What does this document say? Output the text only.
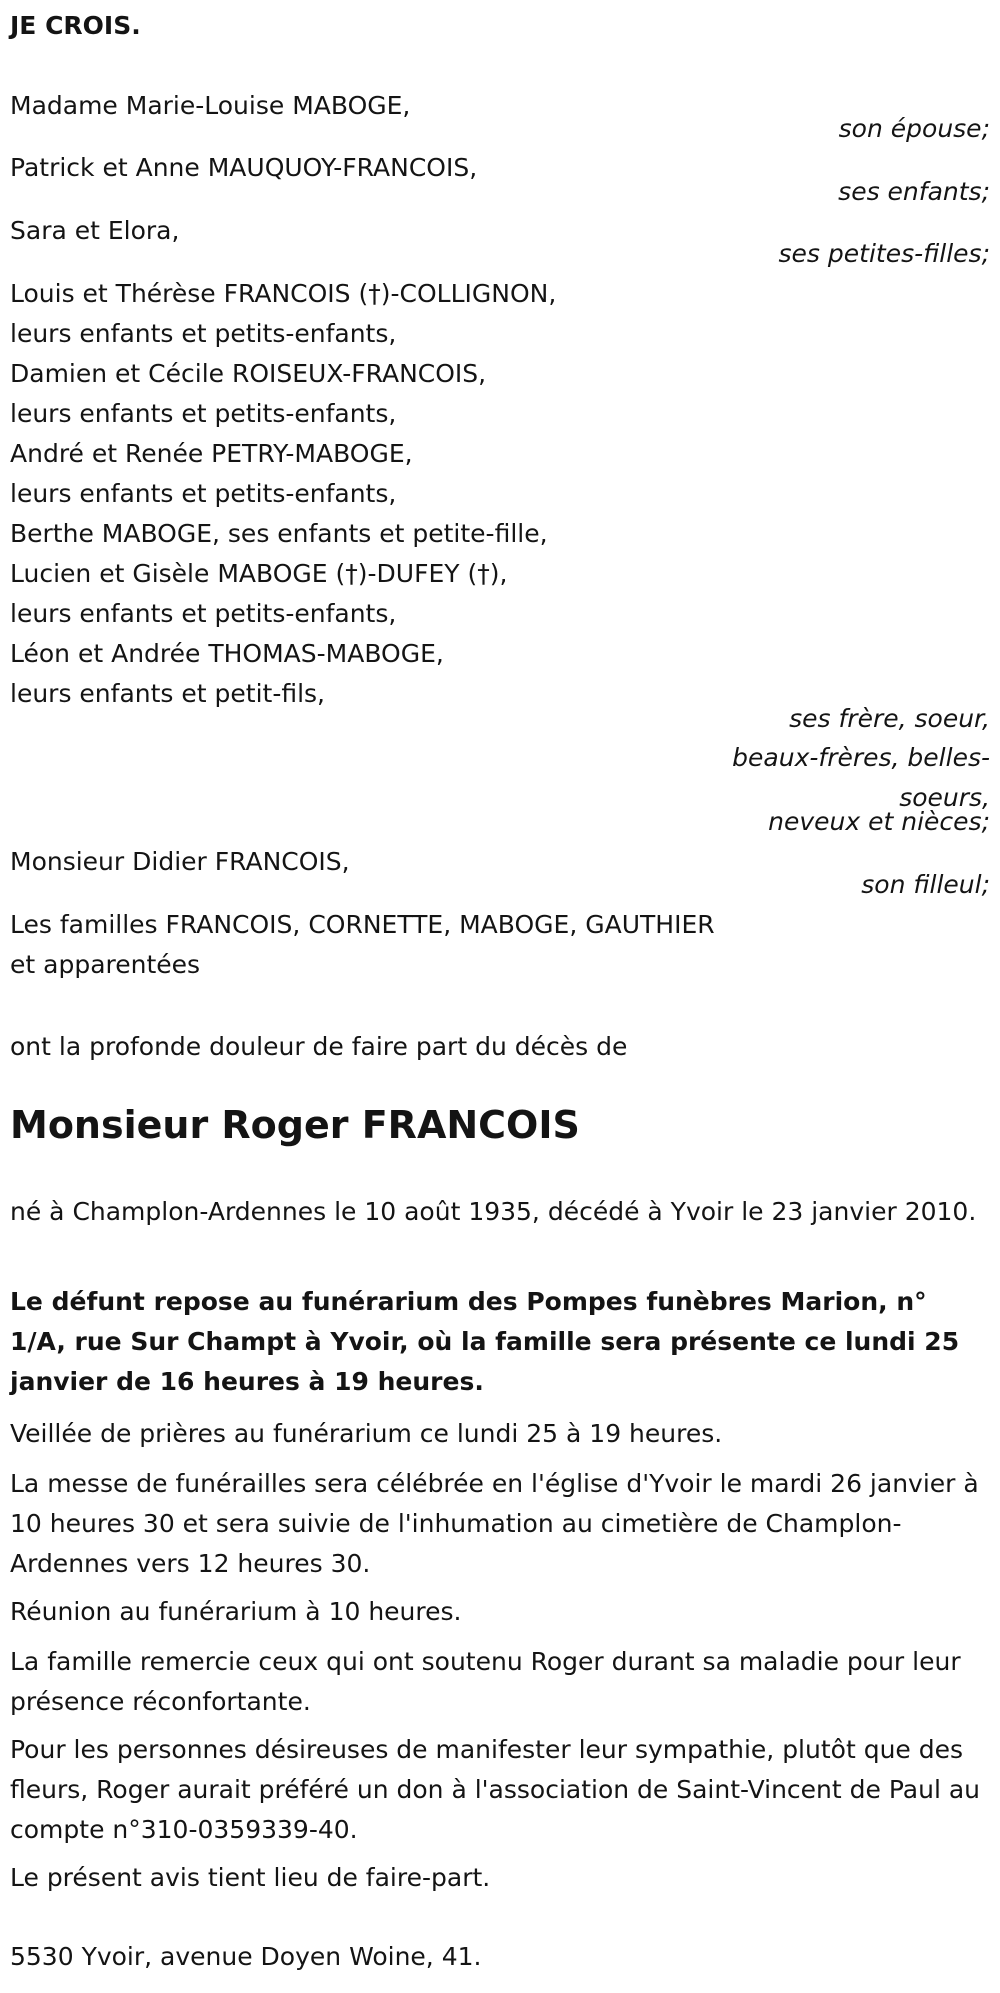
JE CROIS.
Madame Marie-Louise MABOGE,
Patrick et Anne MAUQUOY-FRANCOIS,
Sara et Elora,
Louis et Thérèse FRANCOIS (†)-COLLIGNON,
leurs enfants et petits-enfants,
Damien et Cécile ROISEUX-FRANCOIS,
leurs enfants et petits-enfants,
André et Renée PETRY-MABOGE,
leurs enfants et petits-enfants,
Berthe MABOGE, ses enfants et petite-fille,
Lucien et Gisèle MABOGE (†)-DUFEY (†),
leurs enfants et petits-enfants,
Léon et Andrée THOMAS-MABOGE,
leurs enfants et petit-fils,
Monsieur Didier FRANCOIS,
Les familles FRANCOIS, CORNETTE, MABOGE, GAUTHIER
et apparentées
son épouse;
ses enfants;
ses petites-filles;
ses frère, soeur,
beaux-frères, belles-
soeurs,
neveux et nièces;
son filleul;
ont la profonde douleur de faire part du décès de
Monsieur Roger FRANCOIS
né à Champlon-Ardennes le 10 août 1935, décédé à Yvoir le 23 janvier 2010.
Le défunt repose au funérarium des Pompes funèbres Marion, n° 1/A, rue Sur Champt à Yvoir, où la famille sera présente ce lundi 25 janvier de 16 heures à 19 heures.
Veillée de prières au funérarium ce lundi 25 à 19 heures.
La messe de funérailles sera célébrée en l'église d'Yvoir le mardi 26 janvier à 10 heures 30 et sera suivie de l'inhumation au cimetière de Champlon-Ardennes vers 12 heures 30.
Réunion au funérarium à 10 heures.
La famille remercie ceux qui ont soutenu Roger durant sa maladie pour leur présence réconfortante.
Pour les personnes désireuses de manifester leur sympathie, plutôt que des fleurs, Roger aurait préféré un don à l'association de Saint-Vincent de Paul au compte n°310-0359339-40.
Le présent avis tient lieu de faire-part.
5530 Yvoir, avenue Doyen Woine, 41.
